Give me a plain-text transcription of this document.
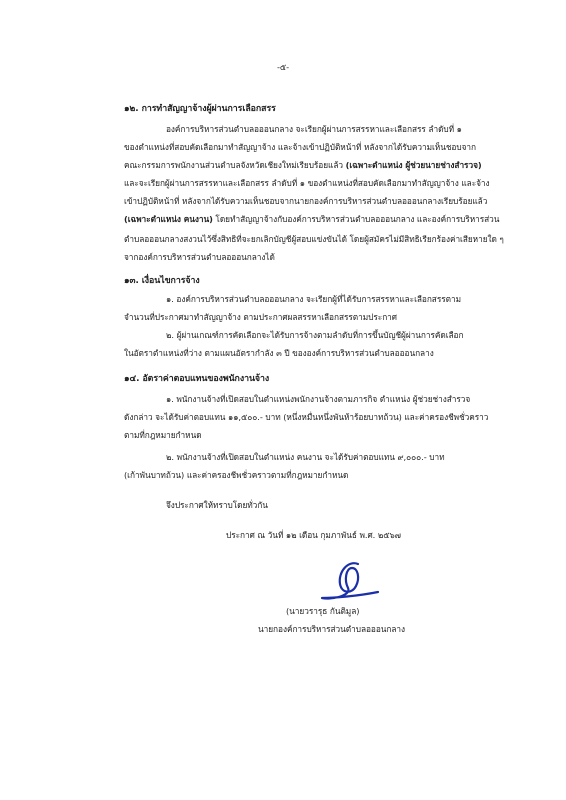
-๕-
๑๒. การทำสัญญาจ้างผู้ผ่านการเลือกสรร
องค์การบริหารส่วนตำบลอออนกลาง จะเรียกผู้ผ่านการสรรหาและเลือกสรร ลำดับที่ ๑
ของตำแหน่งที่สอบคัดเลือกมาทำสัญญาจ้าง และจ้างเข้าปฏิบัติหน้าที่ หลังจากได้รับความเห็นชอบจาก
คณะกรรมการพนักงานส่วนตำบลจังหวัดเชียงใหม่เรียบร้อยแล้ว (เฉพาะตำแหน่ง ผู้ช่วยนายช่างสำรวจ)
และจะเรียกผู้ผ่านการสรรหาและเลือกสรร ลำดับที่ ๑ ของตำแหน่งที่สอบคัดเลือกมาทำสัญญาจ้าง และจ้าง
เข้าปฏิบัติหน้าที่ หลังจากได้รับความเห็นชอบจากนายกองค์การบริหารส่วนตำบลอออนกลางเรียบร้อยแล้ว
(เฉพาะตำแหน่ง คนงาน) โดยทำสัญญาจ้างกับองค์การบริหารส่วนตำบลอออนกลาง และองค์การบริหารส่วน
ตำบลอออนกลางสงวนไว้ซึ่งสิทธิที่จะยกเลิกบัญชีผู้สอบแข่งขันได้ โดยผู้สมัครไม่มีสิทธิเรียกร้องค่าเสียหายใด ๆ
จากองค์การบริหารส่วนตำบลอออนกลางได้
๑๓. เงื่อนไขการจ้าง
๑. องค์การบริหารส่วนตำบลอออนกลาง จะเรียกผู้ที่ได้รับการสรรหาและเลือกสรรตาม
จำนวนที่ประกาศมาทำสัญญาจ้าง ตามประกาศผลสรรหาเลือกสรรตามประกาศ
๒. ผู้ผ่านเกณฑ์การคัดเลือกจะได้รับการจ้างตามลำดับที่การขึ้นบัญชีผู้ผ่านการคัดเลือก
ในอัตราตำแหน่งที่ว่าง ตามแผนอัตรากำลัง ๓ ปี ขององค์การบริหารส่วนตำบลอออนกลาง
๑๔. อัตราค่าตอบแทนของพนักงานจ้าง
๑. พนักงานจ้างที่เปิดสอบในตำแหน่งพนักงานจ้างตามภารกิจ ตำแหน่ง ผู้ช่วยช่างสำรวจ
ดังกล่าว จะได้รับค่าตอบแทน ๑๑,๕๐๐.- บาท (หนึ่งหมื่นหนึ่งพันห้าร้อยบาทถ้วน) และค่าครองชีพชั่วคราว
ตามที่กฎหมายกำหนด
๒. พนักงานจ้างที่เปิดสอบในตำแหน่ง คนงาน จะได้รับค่าตอบแทน ๙,๐๐๐.- บาท
(เก้าพันบาทถ้วน) และค่าครองชีพชั่วคราวตามที่กฎหมายกำหนด
จึงประกาศให้ทราบโดยทั่วกัน
ประกาศ ณ วันที่ ๑๒ เดือน กุมภาพันธ์ พ.ศ. ๒๕๖๗
(นายวรารุธ กันติมูล)
นายกองค์การบริหารส่วนตำบลอออนกลาง
